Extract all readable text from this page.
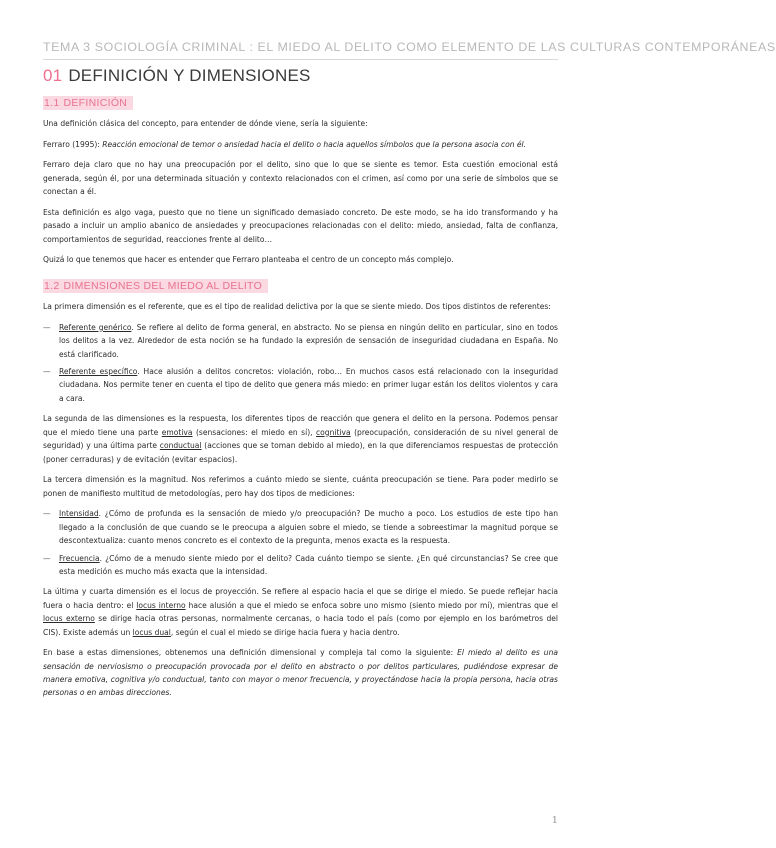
TEMA 3 SOCIOLOGÍA CRIMINAL : EL MIEDO AL DELITO COMO ELEMENTO DE LAS CULTURAS CONTEMPORÁNEAS
01 DEFINICIÓN Y DIMENSIONES
1.1 DEFINICIÓN

Una definición clásica del concepto, para entender de dónde viene, sería la siguiente:

Ferraro (1995): Reacción emocional de temor o ansiedad hacia el delito o hacia aquellos símbolos que la persona asocia con él.

Ferraro deja claro que no hay una preocupación por el delito, sino que lo que se siente es temor. Esta cuestión emocional está generada, según él, por una determinada situación y contexto relacionados con el crimen, así como por una serie de símbolos que se conectan a él.

Esta definición es algo vaga, puesto que no tiene un significado demasiado concreto. De este modo, se ha ido transformando y ha pasado a incluir un amplio abanico de ansiedades y preocupaciones relacionadas con el delito: miedo, ansiedad, falta de confianza, comportamientos de seguridad, reacciones frente al delito…

Quizá lo que tenemos que hacer es entender que Ferraro planteaba el centro de un concepto más complejo.

1.2 DIMENSIONES DEL MIEDO AL DELITO

La primera dimensión es el referente, que es el tipo de realidad delictiva por la que se siente miedo. Dos tipos distintos de referentes:

— Referente genérico. Se refiere al delito de forma general, en abstracto. No se piensa en ningún delito en particular, sino en todos los delitos a la vez. Alrededor de esta noción se ha fundado la expresión de sensación de inseguridad ciudadana en España. No está clarificado.
— Referente específico. Hace alusión a delitos concretos: violación, robo… En muchos casos está relacionado con la inseguridad ciudadana. Nos permite tener en cuenta el tipo de delito que genera más miedo: en primer lugar están los delitos violentos y cara a cara.

La segunda de las dimensiones es la respuesta, los diferentes tipos de reacción que genera el delito en la persona. Podemos pensar que el miedo tiene una parte emotiva (sensaciones: el miedo en sí), cognitiva (preocupación, consideración de su nivel general de seguridad) y una última parte conductual (acciones que se toman debido al miedo), en la que diferenciamos respuestas de protección (poner cerraduras) y de evitación (evitar espacios).

La tercera dimensión es la magnitud. Nos referimos a cuánto miedo se siente, cuánta preocupación se tiene. Para poder medirlo se ponen de manifiesto multitud de metodologías, pero hay dos tipos de mediciones:

— Intensidad. ¿Cómo de profunda es la sensación de miedo y/o preocupación? De mucho a poco. Los estudios de este tipo han llegado a la conclusión de que cuando se le preocupa a alguien sobre el miedo, se tiende a sobreestimar la magnitud porque se descontextualiza: cuanto menos concreto es el contexto de la pregunta, menos exacta es la respuesta.
— Frecuencia. ¿Cómo de a menudo siente miedo por el delito? Cada cuánto tiempo se siente. ¿En qué circunstancias? Se cree que esta medición es mucho más exacta que la intensidad.

La última y cuarta dimensión es el locus de proyección. Se refiere al espacio hacia el que se dirige el miedo. Se puede reflejar hacia fuera o hacia dentro: el locus interno hace alusión a que el miedo se enfoca sobre uno mismo (siento miedo por mí), mientras que el locus externo se dirige hacia otras personas, normalmente cercanas, o hacia todo el país (como por ejemplo en los barómetros del CIS). Existe además un locus dual, según el cual el miedo se dirige hacia fuera y hacia dentro.

En base a estas dimensiones, obtenemos una definición dimensional y compleja tal como la siguiente: El miedo al delito es una sensación de nerviosismo o preocupación provocada por el delito en abstracto o por delitos particulares, pudiéndose expresar de manera emotiva, cognitiva y/o conductual, tanto con mayor o menor frecuencia, y proyectándose hacia la propia persona, hacia otras personas o en ambas direcciones.

1
